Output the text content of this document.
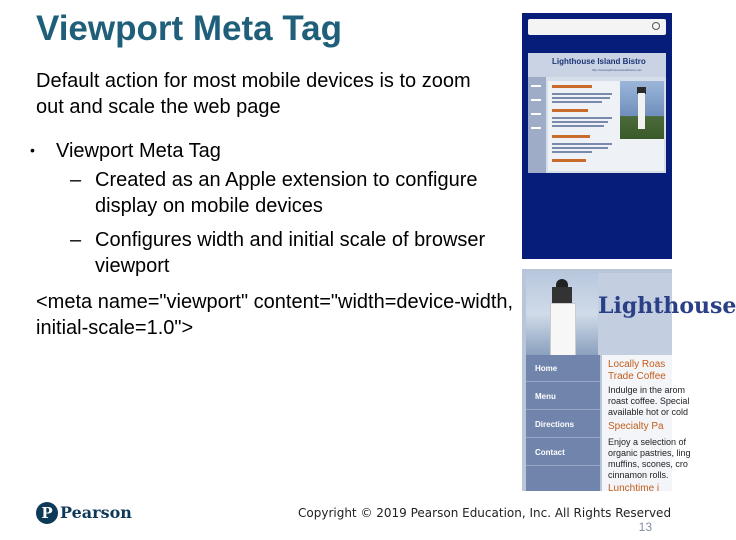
Viewport Meta Tag
Default action for most mobile devices is to zoom out and scale the web page
• Viewport Meta Tag
– Created as an Apple extension to configure display on mobile devices
– Configures width and initial scale of browser viewport
<meta name="viewport" content="width=device-width, initial-scale=1.0">
Lighthouse Island Bistro
http://www.lighthouseislandbistro.com
Lighthouse
Home
Menu
Directions
Contact
Locally Roas
Trade Coffee
Indulge in the arom
roast coffee. Special
available hot or cold
Specialty Pa
Enjoy a selection of
organic pastries, ling
muffins, scones, cro
cinnamon rolls.
Lunchtime i
P Pearson	Copyright © 2019 Pearson Education, Inc. All Rights Reserved
13
